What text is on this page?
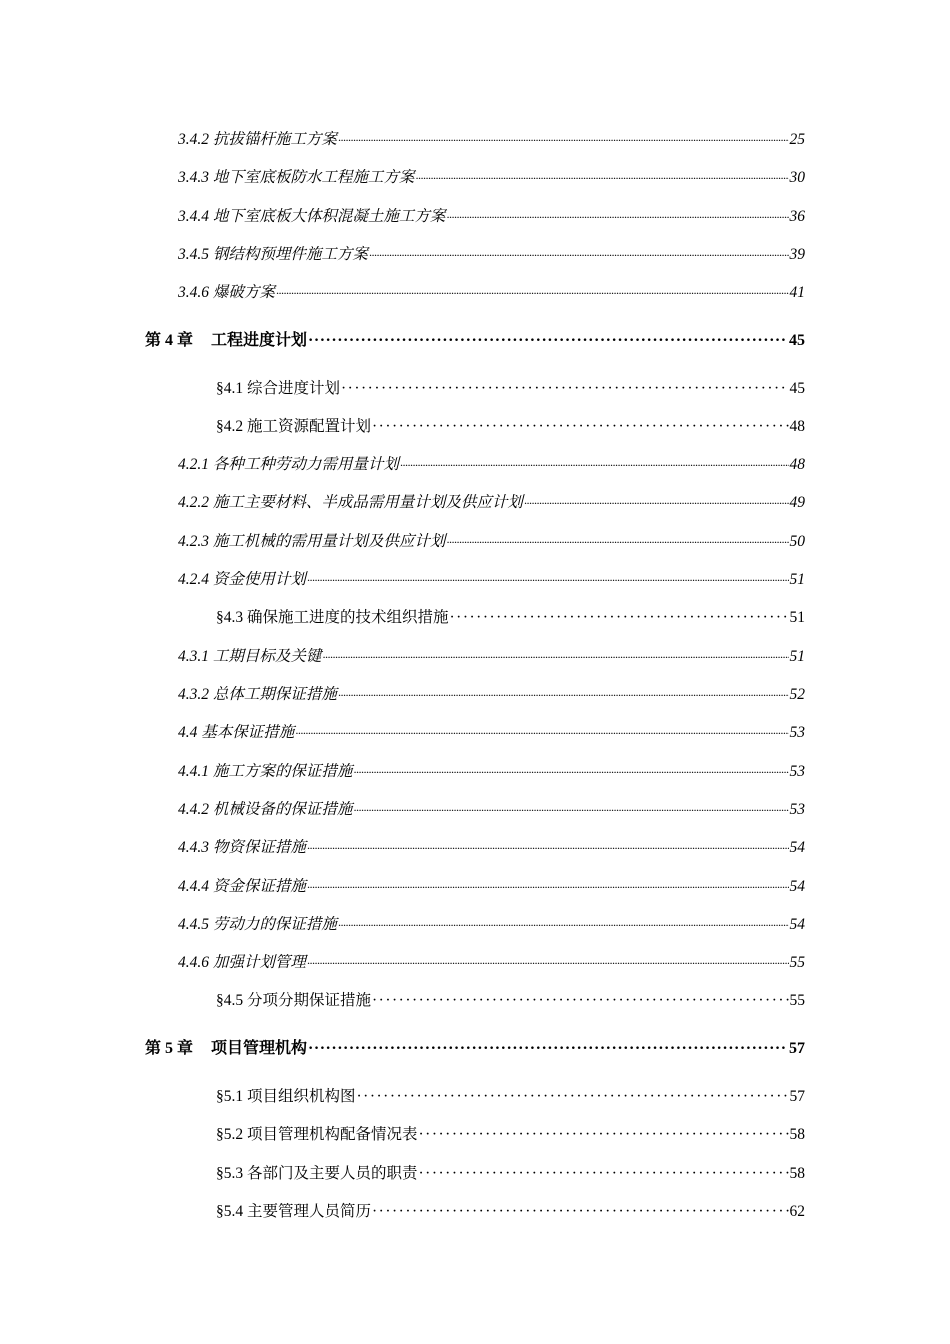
3.4.2 抗拔锚杆施工方案 ·····	25
3.4.3 地下室底板防水工程施工方案 ·····	30
3.4.4 地下室底板大体积混凝土施工方案 ·····	36
3.4.5 钢结构预埋件施工方案 ·····	39
3.4.6 爆破方案 ·····	41
第 4 章 工程进度计划 ·····	45
§4.1 综合进度计划 ·····	45
§4.2 施工资源配置计划 ·····	48
4.2.1 各种工种劳动力需用量计划 ·····	48
4.2.2 施工主要材料、半成品需用量计划及供应计划 ·····	49
4.2.3 施工机械的需用量计划及供应计划 ·····	50
4.2.4 资金使用计划 ·····	51
§4.3 确保施工进度的技术组织措施 ·····	51
4.3.1 工期目标及关键 ·····	51
4.3.2 总体工期保证措施 ·····	52
4.4 基本保证措施 ·····	53
4.4.1 施工方案的保证措施 ·····	53
4.4.2 机械设备的保证措施 ·····	53
4.4.3 物资保证措施 ·····	54
4.4.4 资金保证措施 ·····	54
4.4.5 劳动力的保证措施 ·····	54
4.4.6 加强计划管理 ·····	55
§4.5 分项分期保证措施 ·····	55
第 5 章 项目管理机构 ·····	57
§5.1 项目组织机构图 ·····	57
§5.2 项目管理机构配备情况表 ·····	58
§5.3 各部门及主要人员的职责 ·····	58
§5.4 主要管理人员简历 ·····	62
